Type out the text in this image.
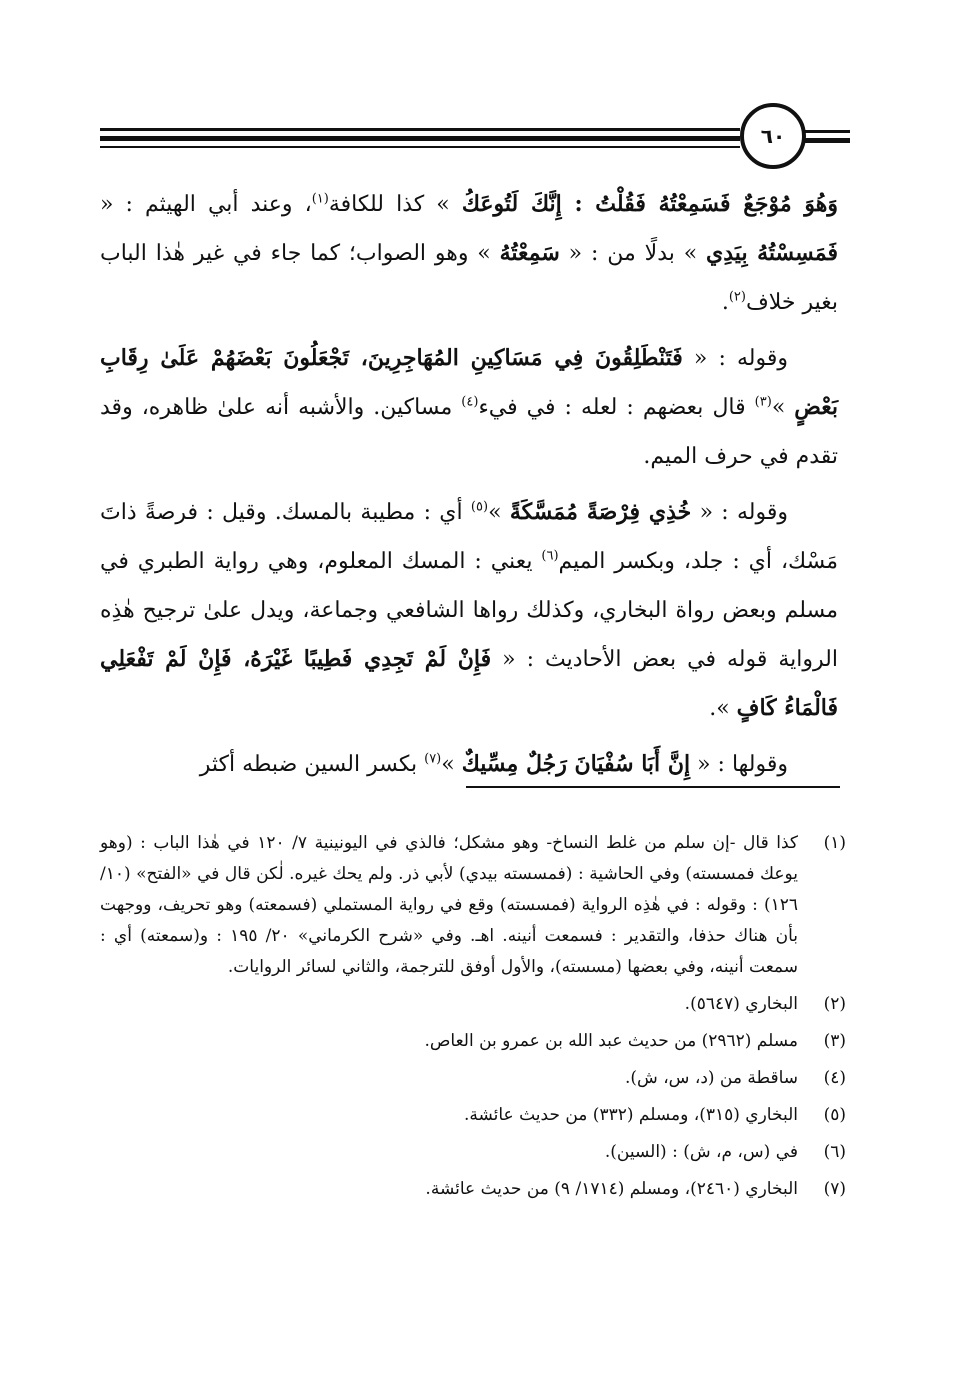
٦٠

وَهُوَ مُوْجَعٌ فَسَمِعْتُهُ فَقُلْتُ : إِنَّكَ لَتُوعَكُ » كذا للكافة$^{(١)}$، وعند أبي الهيثم : « فَمَسِسْتُهُ بِيَدِي » بدلًا من : « سَمِعْتُهُ » وهو الصواب؛ كما جاء في غير هٰذا الباب بغير خلاف$^{(٢)}$.

وقوله : « فَتَنْطَلِقُونَ فِي مَسَاكِينِ المُهَاجِرِينَ، تَجْعَلُونَ بَعْضَهُمْ عَلَىٰ رِقَابِ بَعْضٍ »$^{(٣)}$ قال بعضهم : لعله : في فيء$^{(٤)}$ مساكين. والأشبه أنه علىٰ ظاهره، وقد تقدم في حرف الميم.

وقوله : « خُذِي فِرْصَةً مُمَسَّكَةً »$^{(٥)}$ أي : مطيبة بالمسك. وقيل : فرصةً ذاتَ مَسْك، أي : جلد، وبكسر الميم$^{(٦)}$ يعني : المسك المعلوم، وهي رواية الطبري في مسلم وبعض رواة البخاري، وكذلك رواها الشافعي وجماعة، ويدل علىٰ ترجيح هٰذِه الرواية قوله في بعض الأحاديث : « فَإِنْ لَمْ تَجِدِي فَطِيبًا غَيْرَهُ، فَإِنْ لَمْ تَفْعَلِي فَالْمَاءُ كَافٍ ».

وقولها : « إِنَّ أَبَا سُفْيَانَ رَجُلٌ مِسِّيكٌ »$^{(٧)}$ بكسر السين ضبطه أكثر

(١)
كذا قال -إن سلم من غلط النساخ- وهو مشكل؛ فالذي في اليونينية ٧/ ١٢٠ في هٰذا الباب : (وهو يوعك فمسسته) وفي الحاشية : (فمسسته بيدي) لأبي ذر. ولم يحك غيره. لٰكن قال في «الفتح» (١٠/ ١٢٦) : وقوله : في هٰذِه الرواية (فمسسته) وقع في رواية المستملي (فسمعته) وهو تحريف، ووجهت بأن هناك حذفا، والتقدير : فسمعت أنينه. اهـ. وفي «شرح الكرماني» ٢٠/ ١٩٥ : و(سمعته) أي : سمعت أنينه، وفي بعضها (مسسته)، والأول أوفق للترجمة، والثاني لسائر الروايات.
(٢)
البخاري (٥٦٤٧).
(٣)
مسلم (٢٩٦٢) من حديث عبد الله بن عمرو بن العاص.
(٤)
ساقطة من (د، س، ش).
(٥)
البخاري (٣١٥)، ومسلم (٣٣٢) من حديث عائشة.
(٦)
في (س، م، ش) : (السين).
(٧)
البخاري (٢٤٦٠)، ومسلم (١٧١٤/ ٩) من حديث عائشة.
